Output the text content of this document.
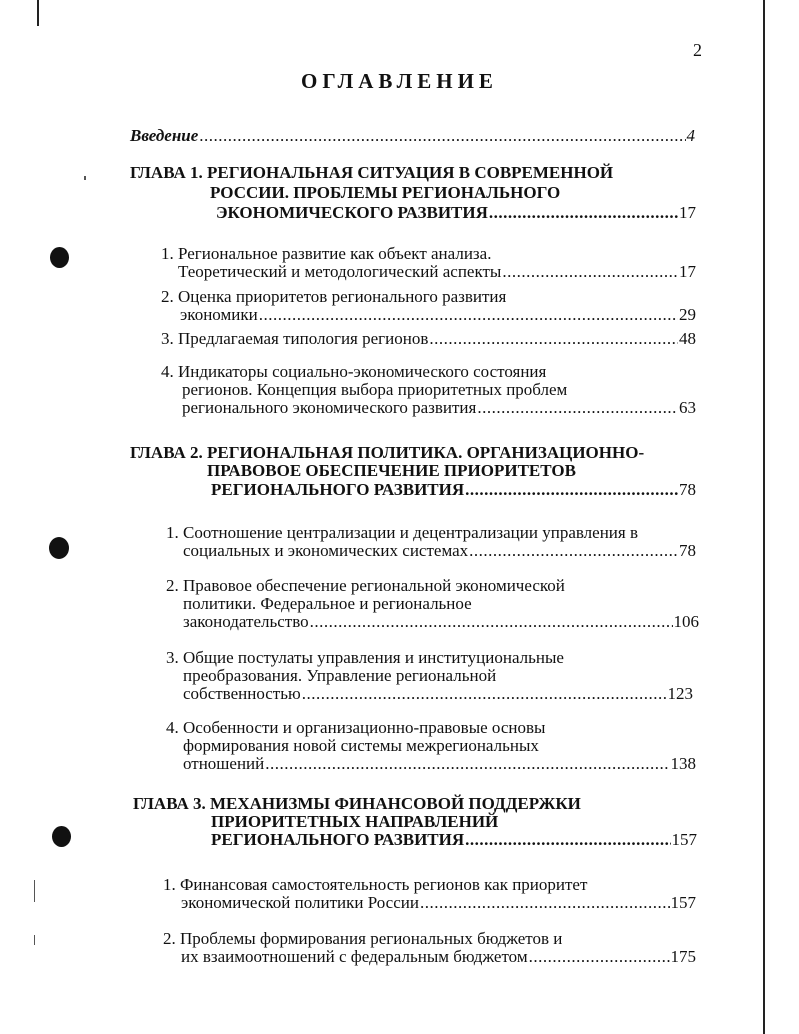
2
ОГЛАВЛЕНИЕ
Введение .....	4
ГЛАВА 1. РЕГИОНАЛЬНАЯ СИТУАЦИЯ В СОВРЕМЕННОЙ
РОССИИ. ПРОБЛЕМЫ РЕГИОНАЛЬНОГО
ЭКОНОМИЧЕСКОГО РАЗВИТИЯ .....	17
1. Региональное развитие как объект анализа.
Теоретический и методологический аспекты .....	17
2. Оценка приоритетов регионального развития
экономики .....	29
3. Предлагаемая типология регионов .....	48
4. Индикаторы социально-экономического состояния
регионов. Концепция выбора приоритетных проблем
регионального экономического развития .....	63
ГЛАВА 2. РЕГИОНАЛЬНАЯ ПОЛИТИКА. ОРГАНИЗАЦИОННО-
ПРАВОВОЕ ОБЕСПЕЧЕНИЕ ПРИОРИТЕТОВ
РЕГИОНАЛЬНОГО РАЗВИТИЯ .....	78
1. Соотношение централизации и децентрализации управления в
социальных и экономических системах .....	78
2. Правовое обеспечение региональной экономической
политики. Федеральное и региональное
законодательство .....	106
3. Общие постулаты управления и институциональные
преобразования. Управление региональной
собственностью .....	123
4. Особенности и организационно-правовые основы
формирования новой системы межрегиональных
отношений .....	138
ГЛАВА 3. МЕХАНИЗМЫ ФИНАНСОВОЙ ПОДДЕРЖКИ
ПРИОРИТЕТНЫХ НАПРАВЛЕНИЙ
РЕГИОНАЛЬНОГО РАЗВИТИЯ .....	157
1. Финансовая самостоятельность регионов как приоритет
экономической политики России .....	157
2. Проблемы формирования региональных бюджетов и
их взаимоотношений с федеральным бюджетом .....	175
